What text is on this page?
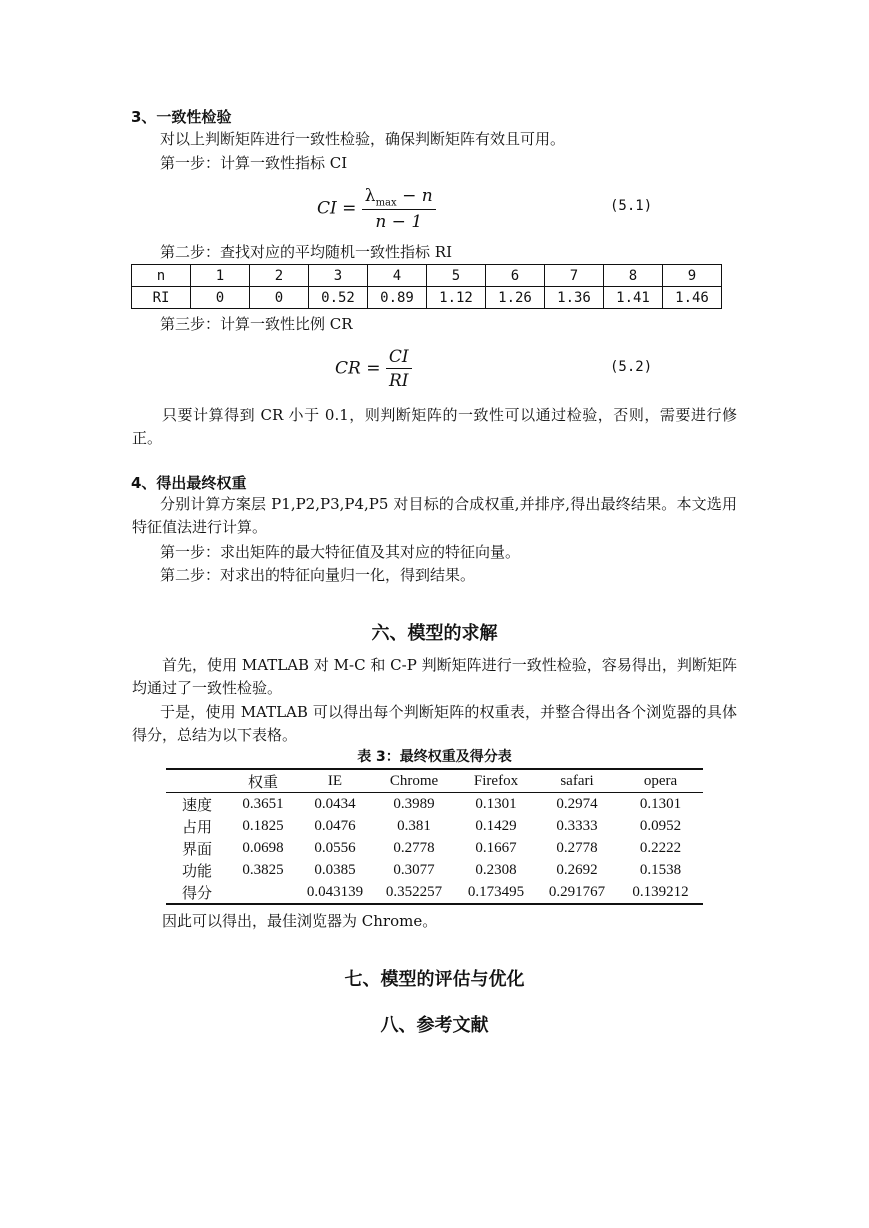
3、一致性检验
对以上判断矩阵进行一致性检验，确保判断矩阵有效且可用。
第一步：计算一致性指标 CI
CI = $\frac{\lambda_{max} - n}{n - 1}$	(5.1)
第二步：查找对应的平均随机一致性指标 RI
n	1	2	3	4	5	6	7	8	9
RI	0	0	0.52	0.89	1.12	1.26	1.36	1.41	1.46
第三步：计算一致性比例 CR
CR = $\frac{CI}{RI}$	(5.2)
只要计算得到 CR 小于 0.1，则判断矩阵的一致性可以通过检验，否则，需要进行修正。
4、得出最终权重
分别计算方案层 P1,P2,P3,P4,P5 对目标的合成权重,并排序,得出最终结果。本文选用特征值法进行计算。
第一步：求出矩阵的最大特征值及其对应的特征向量。
第二步：对求出的特征向量归一化，得到结果。
六、模型的求解
首先，使用 MATLAB 对 M-C 和 C-P 判断矩阵进行一致性检验，容易得出，判断矩阵均通过了一致性检验。
于是，使用 MATLAB 可以得出每个判断矩阵的权重表，并整合得出各个浏览器的具体得分，总结为以下表格。
表 3：最终权重及得分表
	权重	IE	Chrome	Firefox	safari	opera
速度	0.3651	0.0434	0.3989	0.1301	0.2974	0.1301
占用	0.1825	0.0476	0.381	0.1429	0.3333	0.0952
界面	0.0698	0.0556	0.2778	0.1667	0.2778	0.2222
功能	0.3825	0.0385	0.3077	0.2308	0.2692	0.1538
得分		0.043139	0.352257	0.173495	0.291767	0.139212
因此可以得出，最佳浏览器为 Chrome。
七、模型的评估与优化
八、参考文献
